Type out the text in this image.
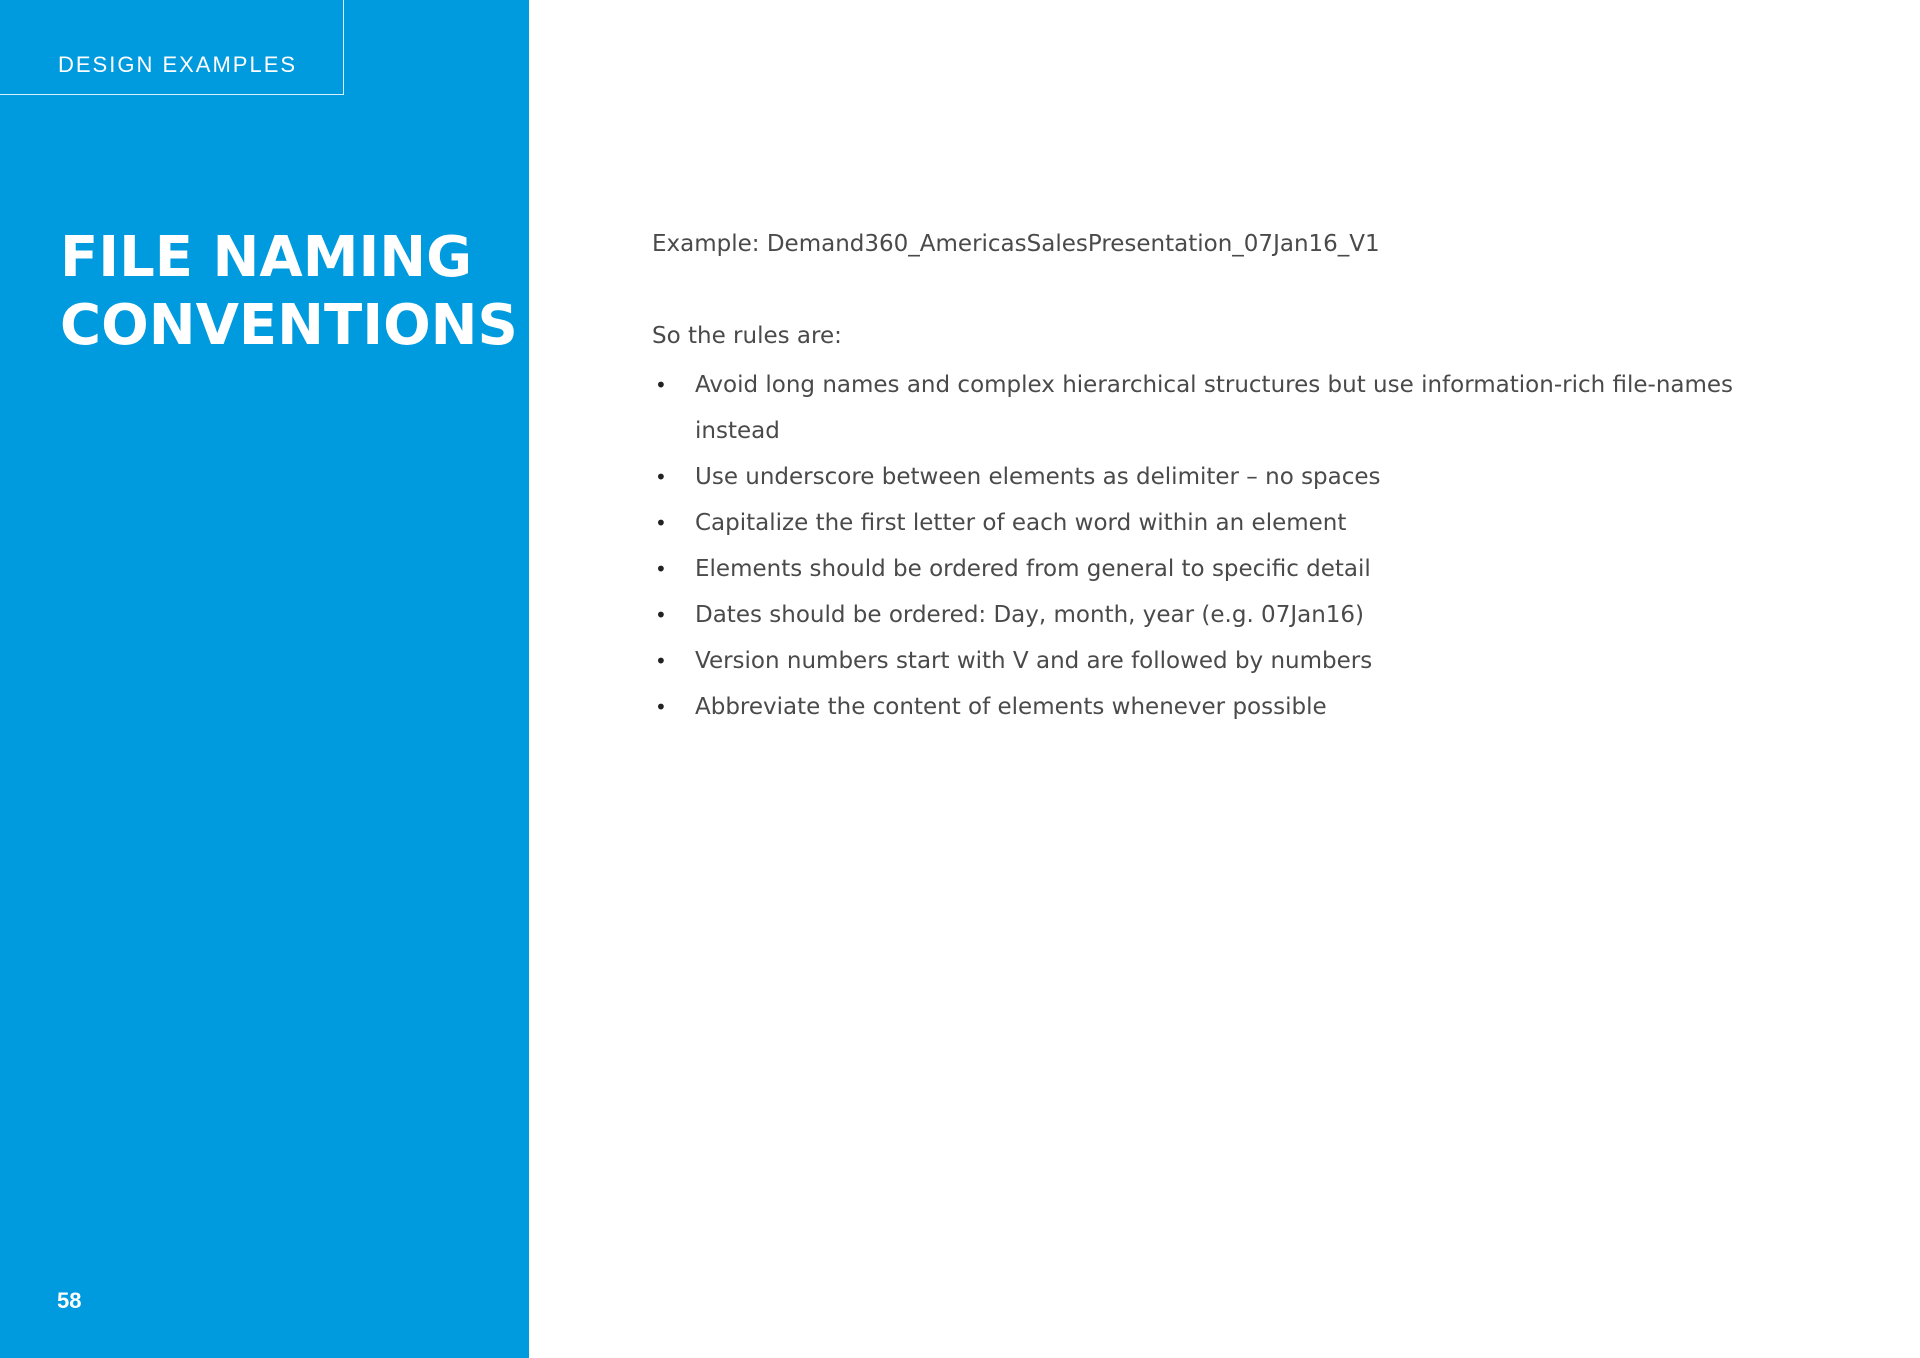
DESIGN EXAMPLES
FILE NAMING
CONVENTIONS
58

Example: Demand360_AmericasSalesPresentation_07Jan16_V1

So the rules are:

• Avoid long names and complex hierarchical structures but use information-rich file-names instead
• Use underscore between elements as delimiter – no spaces
• Capitalize the first letter of each word within an element
• Elements should be ordered from general to specific detail
• Dates should be ordered: Day, month, year (e.g. 07Jan16)
• Version numbers start with V and are followed by numbers
• Abbreviate the content of elements whenever possible
